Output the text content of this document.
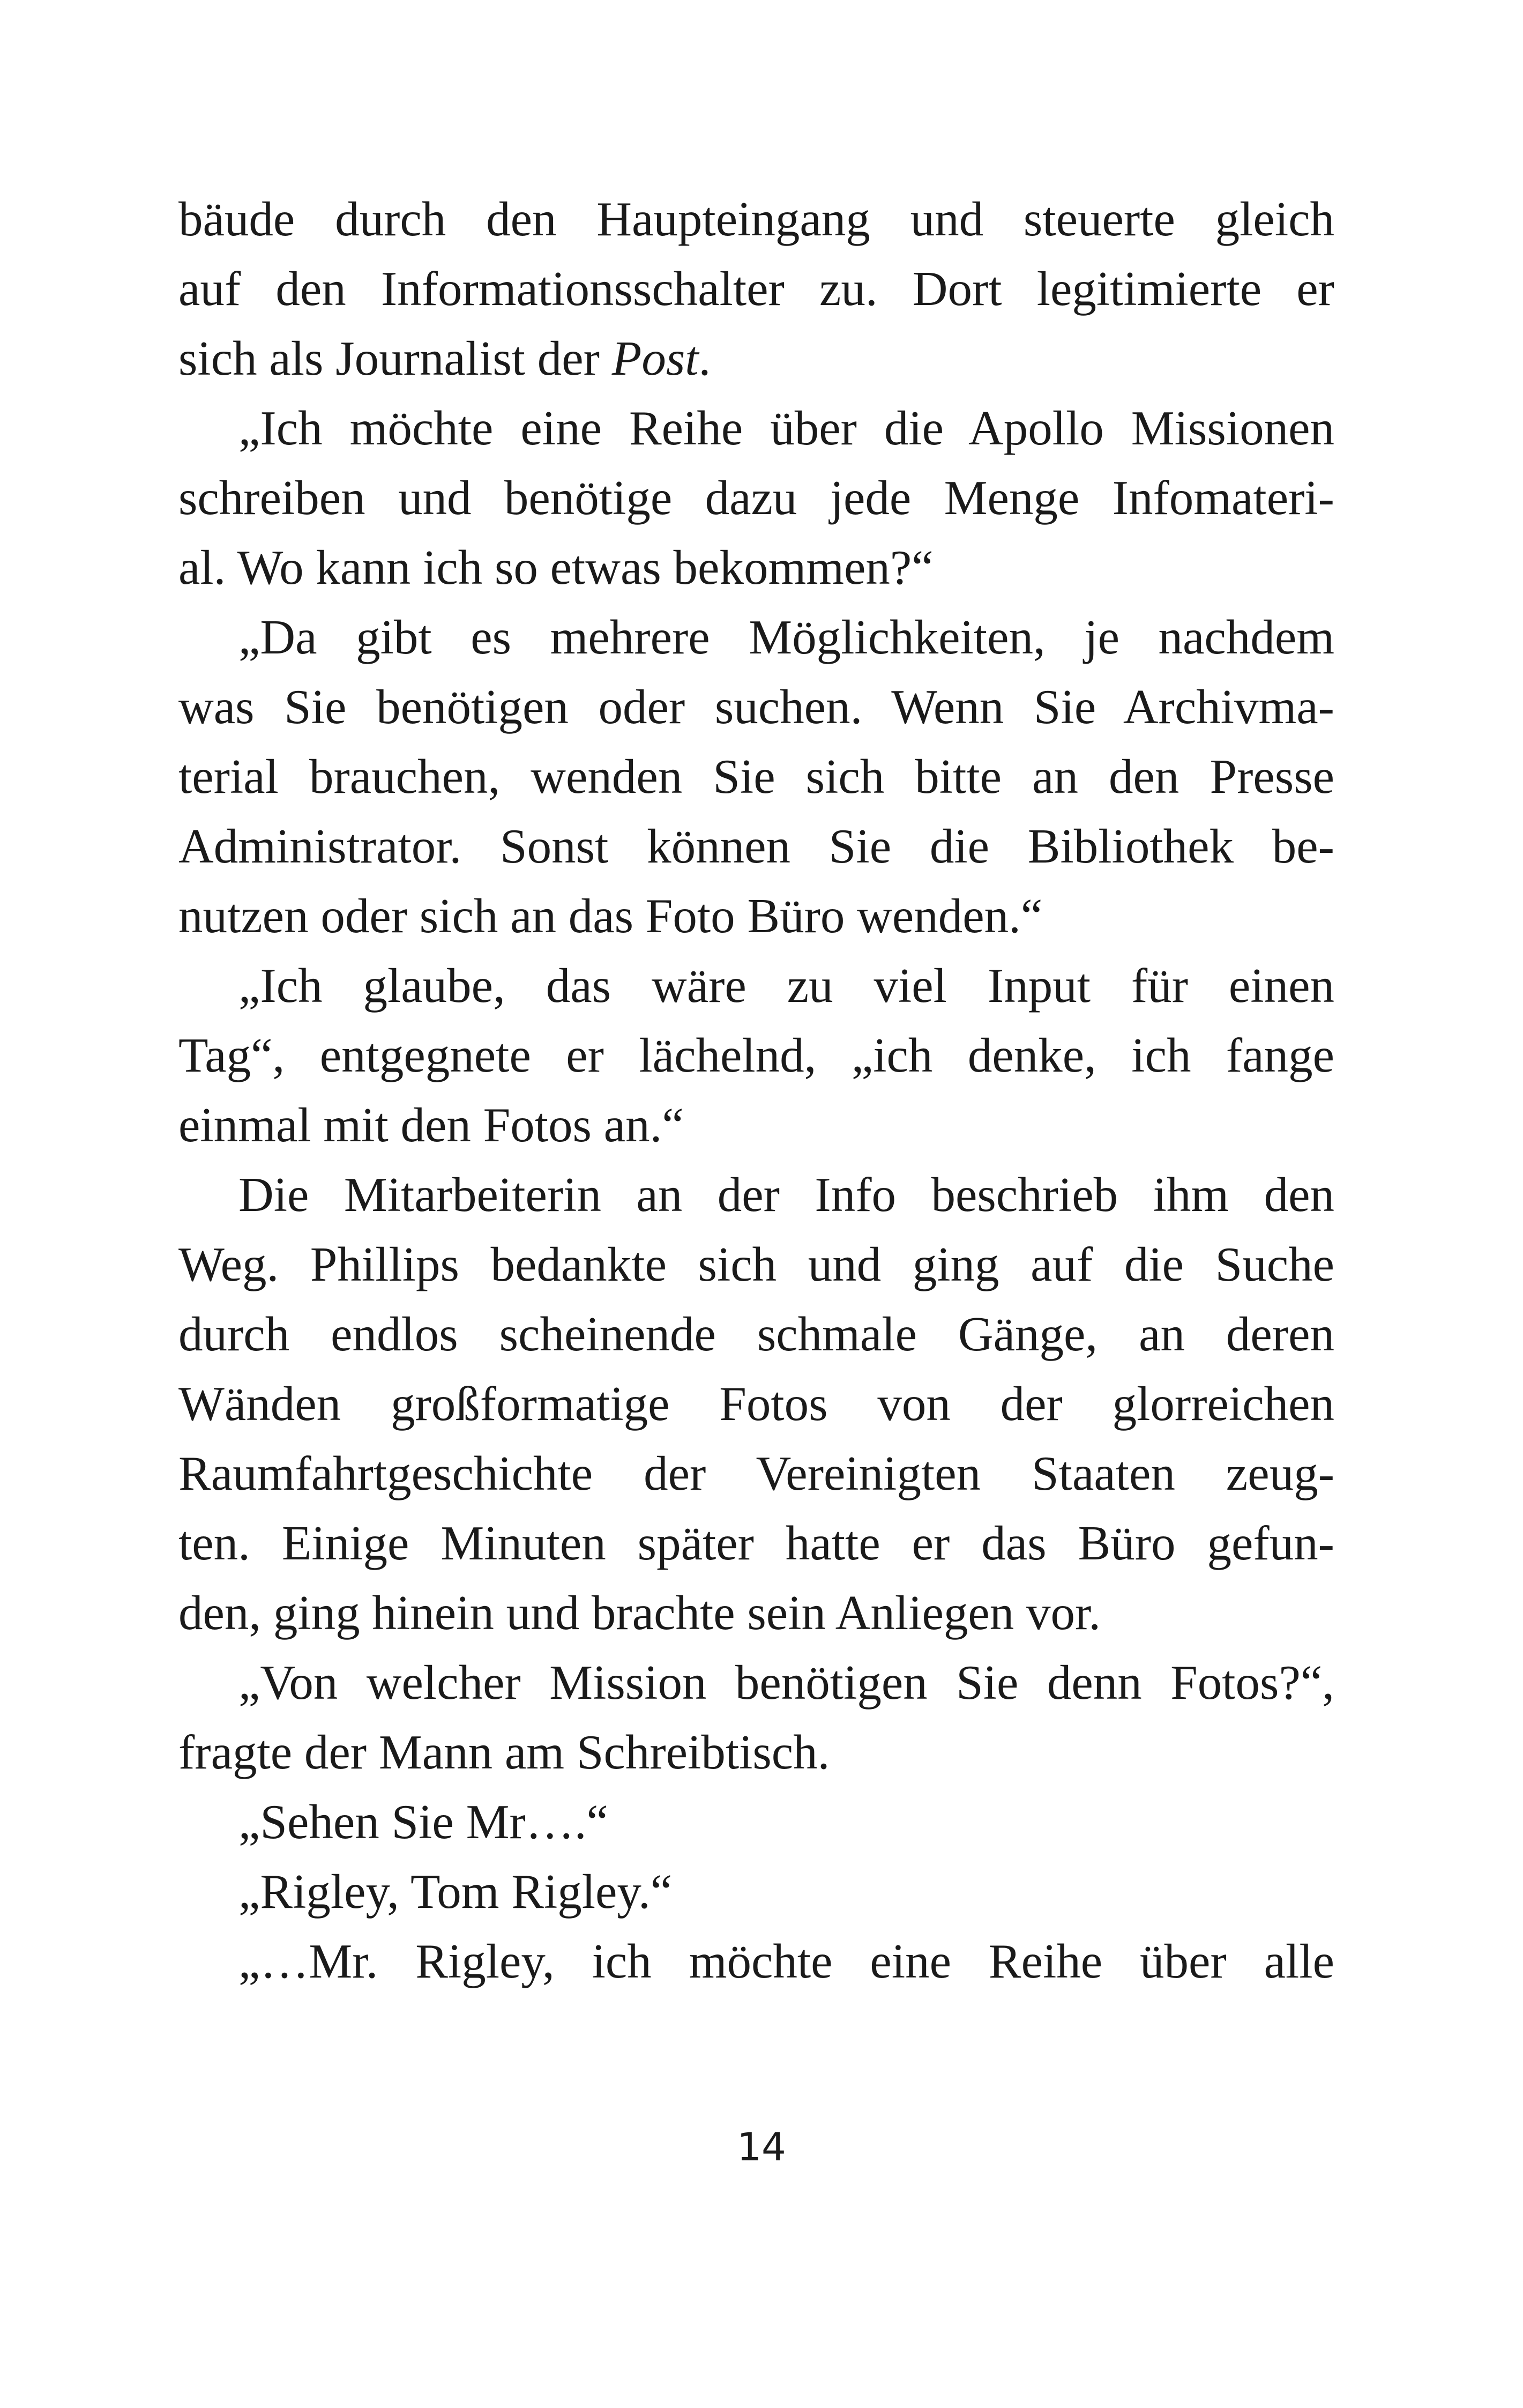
bäude durch den Haupteingang und steuerte gleich
auf den Informationsschalter zu. Dort legitimierte er
sich als Journalist der Post.
„Ich möchte eine Reihe über die Apollo Missionen
schreiben und benötige dazu jede Menge Infomateri-
al. Wo kann ich so etwas bekommen?“
„Da gibt es mehrere Möglichkeiten, je nachdem
was Sie benötigen oder suchen. Wenn Sie Archivma-
terial brauchen, wenden Sie sich bitte an den Presse
Administrator. Sonst können Sie die Bibliothek be-
nutzen oder sich an das Foto Büro wenden.“
„Ich glaube, das wäre zu viel Input für einen
Tag“, entgegnete er lächelnd, „ich denke, ich fange
einmal mit den Fotos an.“
Die Mitarbeiterin an der Info beschrieb ihm den
Weg. Phillips bedankte sich und ging auf die Suche
durch endlos scheinende schmale Gänge, an deren
Wänden großformatige Fotos von der glorreichen
Raumfahrtgeschichte der Vereinigten Staaten zeug-
ten. Einige Minuten später hatte er das Büro gefun-
den, ging hinein und brachte sein Anliegen vor.
„Von welcher Mission benötigen Sie denn Fotos?“,
fragte der Mann am Schreibtisch.
„Sehen Sie Mr….“
„Rigley, Tom Rigley.“
„…Mr. Rigley, ich möchte eine Reihe über alle
14
